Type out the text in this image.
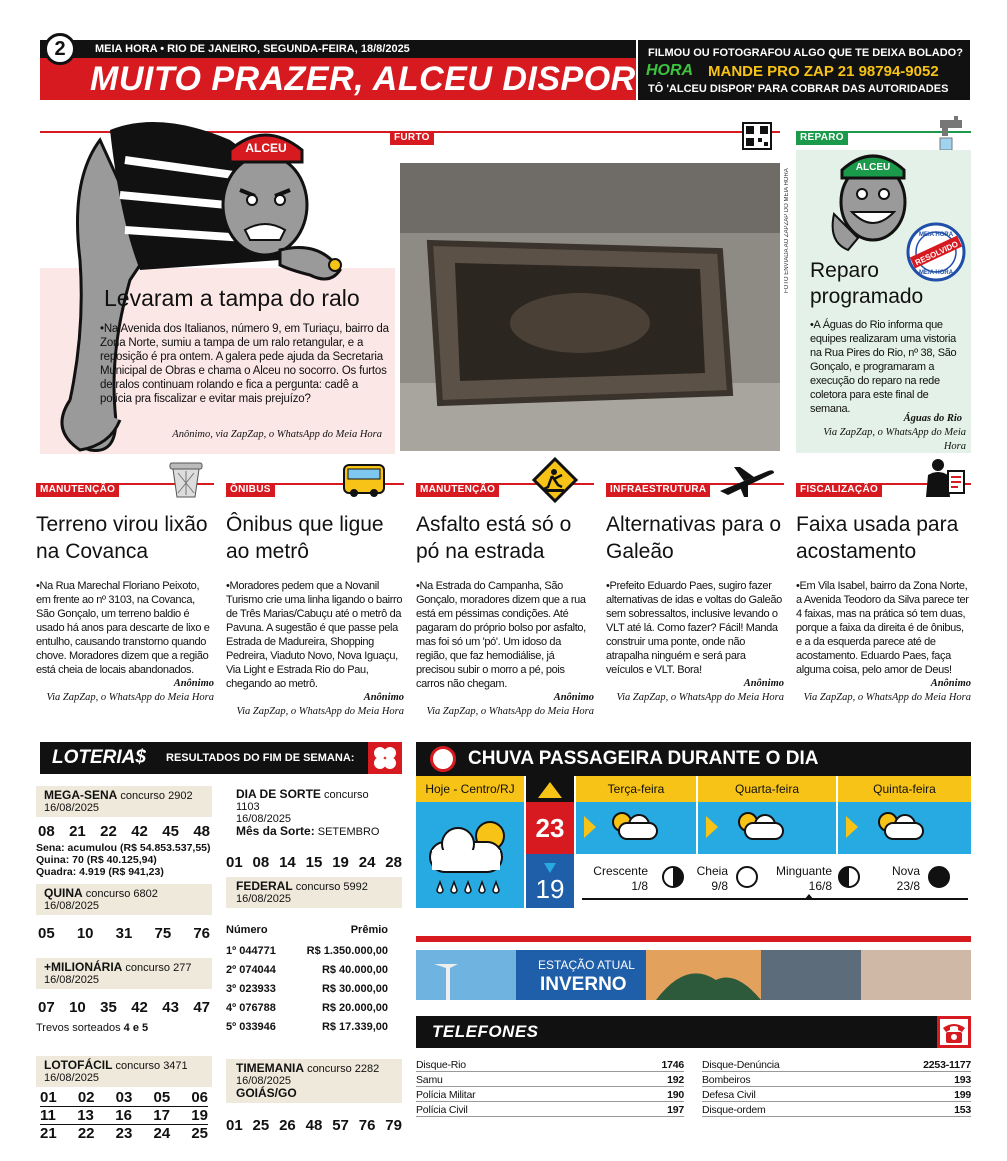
MEIA HORA • RIO DE JANEIRO, SEGUNDA-FEIRA, 18/8/2025
MUITO PRAZER, ALCEU DISPOR
2	FILMOU OU FOTOGRAFOU ALGO QUE TE DEIXA BOLADO?
HORA MANDE PRO ZAP 21 98794-9052
TÔ 'ALCEU DISPOR' PARA COBRAR DAS AUTORIDADES
FURTO
ALCEU
Levaram a tampa do ralo
•Na Avenida dos Italianos, número 9, em Turiaçu, bairro da Zona Norte, sumiu a tampa de um ralo retangular, e a reposição é pra ontem. A galera pede ajuda da Secretaria Municipal de Obras e chama o Alceu no socorro. Os furtos de ralos continuam rolando e fica a pergunta: cadê a polícia pra fiscalizar e evitar mais prejuízo?
Anônimo, via ZapZap, o WhatsApp do Meia Hora
FOTO ENVIADA AO ZAPZAP DO MEIA HORA
REPARO
ALCEU
RESOLVIDO
MEIA HORA
MEIA HORA
Reparo programado
•A Águas do Rio informa que equipes realizaram uma vistoria na Rua Pires do Rio, nº 38, São Gonçalo, e programaram a execução do reparo na rede coletora para este final de semana.
Águas do Rio
Via ZapZap, o WhatsApp do Meia Hora
MANUTENÇÃO
Terreno virou lixão na Covanca
•Na Rua Marechal Floriano Peixoto, em frente ao nº 3103, na Covanca, São Gonçalo, um terreno baldio é usado há anos para descarte de lixo e entulho, causando transtorno quando chove. Moradores dizem que a região está cheia de locais abandonados.
Anônimo
Via ZapZap, o WhatsApp do Meia Hora
ÔNIBUS
Ônibus que ligue ao metrô
•Moradores pedem que a Novanil Turismo crie uma linha ligando o bairro de Três Marias/Cabuçu até o metrô da Pavuna. A sugestão é que passe pela Estrada de Madureira, Shopping Pedreira, Viaduto Novo, Nova Iguaçu, Via Light e Estrada Rio do Pau, chegando ao metrô.
Anônimo
Via ZapZap, o WhatsApp do Meia Hora
MANUTENÇÃO
Asfalto está só o pó na estrada
•Na Estrada do Campanha, São Gonçalo, moradores dizem que a rua está em péssimas condições. Até pagaram do próprio bolso por asfalto, mas foi só um 'pó'. Um idoso da região, que faz hemodiálise, já precisou subir o morro a pé, pois carros não chegam.
Anônimo
Via ZapZap, o WhatsApp do Meia Hora
INFRAESTRUTURA
Alternativas para o Galeão
•Prefeito Eduardo Paes, sugiro fazer alternativas de idas e voltas do Galeão sem sobressaltos, inclusive levando o VLT até lá. Como fazer? Fácil! Manda construir uma ponte, onde não atrapalha ninguém e será para veículos e VLT. Bora!
Anônimo
Via ZapZap, o WhatsApp do Meia Hora
FISCALIZAÇÃO
Faixa usada para acostamento
•Em Vila Isabel, bairro da Zona Norte, a Avenida Teodoro da Silva parece ter 4 faixas, mas na prática só tem duas, porque a faixa da direita é de ônibus, e a da esquerda parece até de acostamento. Eduardo Paes, faça alguma coisa, pelo amor de Deus!
Anônimo
Via ZapZap, o WhatsApp do Meia Hora
LOTERIA$ RESULTADOS DO FIM DE SEMANA:
MEGA-SENA concurso 2902
16/08/2025
08 21 22 42 45 48
Sena: acumulou (R$ 54.853.537,55)
Quina: 70 (R$ 40.125,94)
Quadra: 4.919 (R$ 941,23)
QUINA concurso 6802
16/08/2025
05 10 31 75 76
+MILIONÁRIA concurso 277
16/08/2025
07 10 35 42 43 47
Trevos sorteados 4 e 5
LOTOFÁCIL concurso 3471
16/08/2025
01 02 03 05 06
11 13 16 17 19
21 22 23 24 25
DIA DE SORTE concurso 1103
16/08/2025
Mês da Sorte: SETEMBRO
01 08 14 15 19 24 28
FEDERAL concurso 5992
16/08/2025
Número	Prêmio
1º 044771	R$ 1.350.000,00
2º 074044	R$ 40.000,00
3º 023933	R$ 30.000,00
4º 076788	R$ 20.000,00
5º 033946	R$ 17.339,00
TIMEMANIA concurso 2282
16/08/2025
GOIÁS/GO
01 25 26 48 57 76 79
CHUVA PASSAGEIRA DURANTE O DIA
Hoje - Centro/RJ
23
19
Terça-feira	Quarta-feira	Quinta-feira
Crescente
1/8
Cheia
9/8
Minguante
16/8
Nova
23/8
ESTAÇÃO ATUAL
INVERNO
TELEFONES
Disque-Rio	1746
Samu	192
Polícia Militar	190
Polícia Civil	197
Disque-Denúncia	2253-1177
Bombeiros	193
Defesa Civil	199
Disque-ordem	153
